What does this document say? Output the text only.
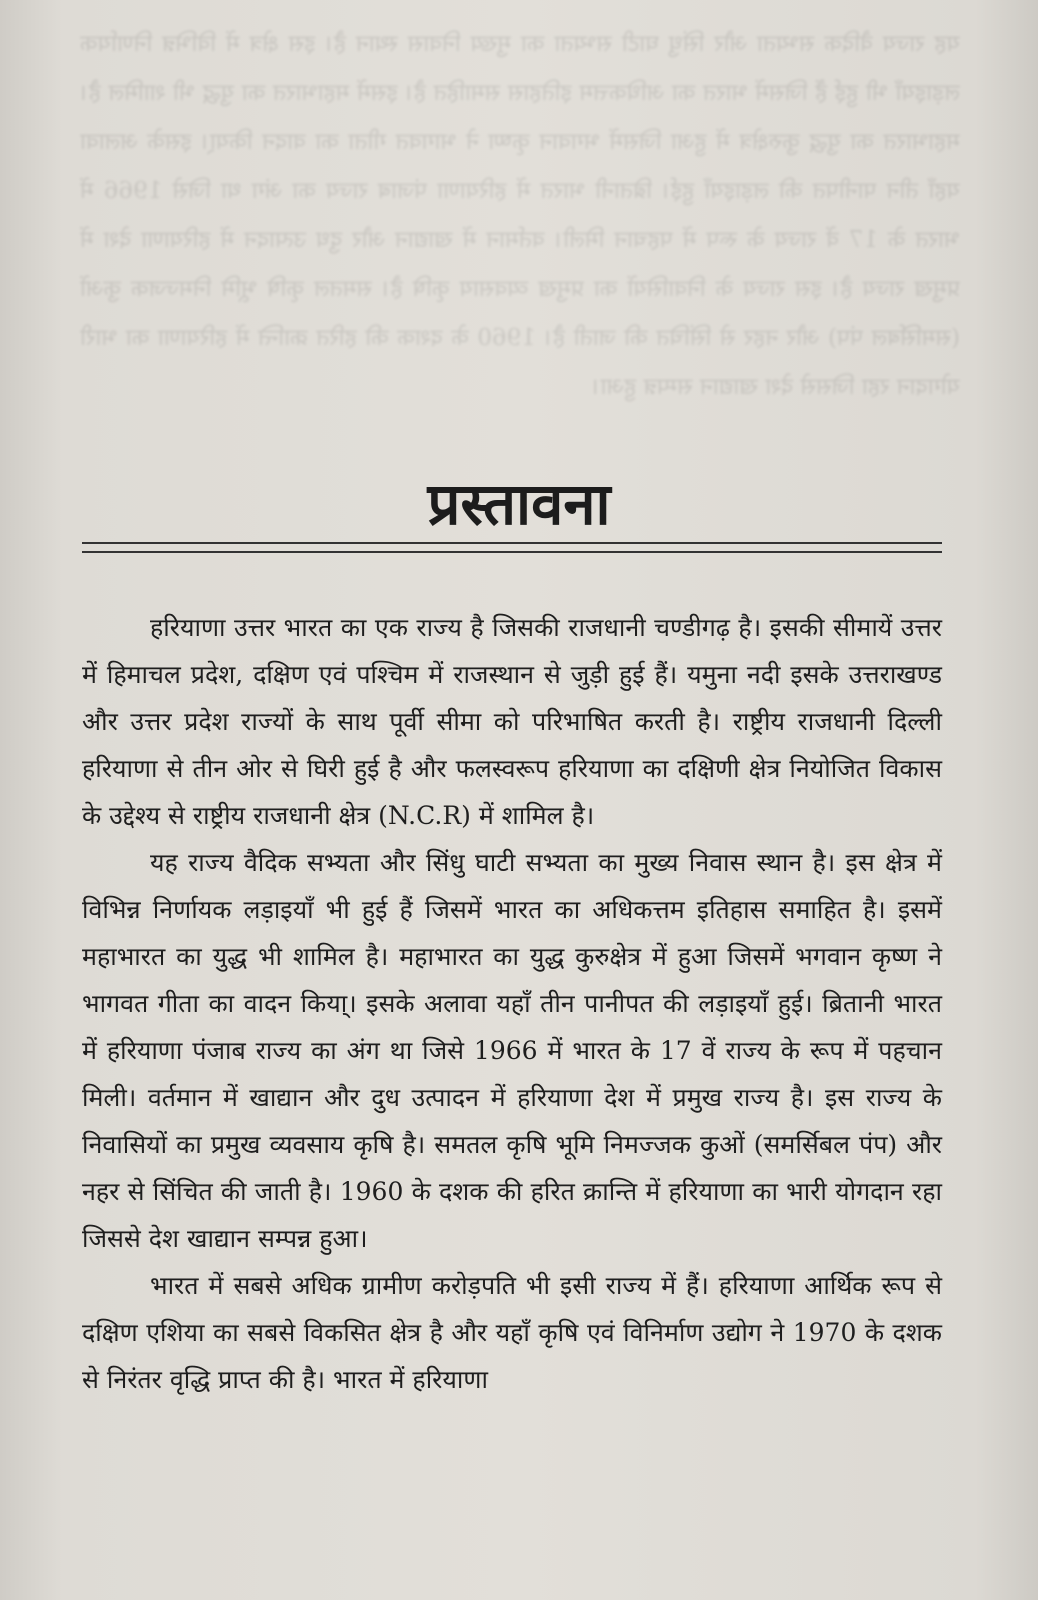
यह राज्य वैदिक सभ्यता और सिंधु घाटी सभ्यता का मुख्य निवास स्थान है। इस क्षेत्र में विभिन्न निर्णायक लड़ाइयाँ भी हुई हैं जिसमें भारत का अधिकत्तम इतिहास समाहित है। इसमें महाभारत का युद्ध भी शामिल है। महाभारत का युद्ध कुरुक्षेत्र में हुआ जिसमें भगवान कृष्ण ने भागवत गीता का वादन किया्। इसके अलावा यहाँ तीन पानीपत की लड़ाइयाँ हुई। ब्रितानी भारत में हरियाणा पंजाब राज्य का अंग था जिसे 1966 में भारत के 17 वें राज्य के रूप में पहचान मिली। वर्तमान में खाद्यान और दुध उत्पादन में हरियाणा देश में प्रमुख राज्य है। इस राज्य के निवासियों का प्रमुख व्यवसाय कृषि है। समतल कृषि भूमि निमज्जक कुओं (समर्सिबल पंप) और नहर से सिंचित की जाती है। 1960 के दशक की हरित क्रान्ति में हरियाणा का भारी योगदान रहा जिससे देश खाद्यान सम्पन्न हुआ।
प्रस्तावना

हरियाणा उत्तर भारत का एक राज्य है जिसकी राजधानी चण्डीगढ़ है। इसकी सीमायें उत्तर में हिमाचल प्रदेश, दक्षिण एवं पश्चिम में राजस्थान से जुड़ी हुई हैं। यमुना नदी इसके उत्तराखण्ड और उत्तर प्रदेश राज्यों के साथ पूर्वी सीमा को परिभाषित करती है। राष्ट्रीय राजधानी दिल्ली हरियाणा से तीन ओर से घिरी हुई है और फलस्वरूप हरियाणा का दक्षिणी क्षेत्र नियोजित विकास के उद्देश्य से राष्ट्रीय राजधानी क्षेत्र (N.C.R) में शामिल है।

यह राज्य वैदिक सभ्यता और सिंधु घाटी सभ्यता का मुख्य निवास स्थान है। इस क्षेत्र में विभिन्न निर्णायक लड़ाइयाँ भी हुई हैं जिसमें भारत का अधिकत्तम इतिहास समाहित है। इसमें महाभारत का युद्ध भी शामिल है। महाभारत का युद्ध कुरुक्षेत्र में हुआ जिसमें भगवान कृष्ण ने भागवत गीता का वादन किया्। इसके अलावा यहाँ तीन पानीपत की लड़ाइयाँ हुई। ब्रितानी भारत में हरियाणा पंजाब राज्य का अंग था जिसे 1966 में भारत के 17 वें राज्य के रूप में पहचान मिली। वर्तमान में खाद्यान और दुध उत्पादन में हरियाणा देश में प्रमुख राज्य है। इस राज्य के निवासियों का प्रमुख व्यवसाय कृषि है। समतल कृषि भूमि निमज्जक कुओं (समर्सिबल पंप) और नहर से सिंचित की जाती है। 1960 के दशक की हरित क्रान्ति में हरियाणा का भारी योगदान रहा जिससे देश खाद्यान सम्पन्न हुआ।

भारत में सबसे अधिक ग्रामीण करोड़पति भी इसी राज्य में हैं। हरियाणा आर्थिक रूप से दक्षिण एशिया का सबसे विकसित क्षेत्र है और यहाँ कृषि एवं विनिर्माण उद्योग ने 1970 के दशक से निरंतर वृद्धि प्राप्त की है। भारत में हरियाणा
